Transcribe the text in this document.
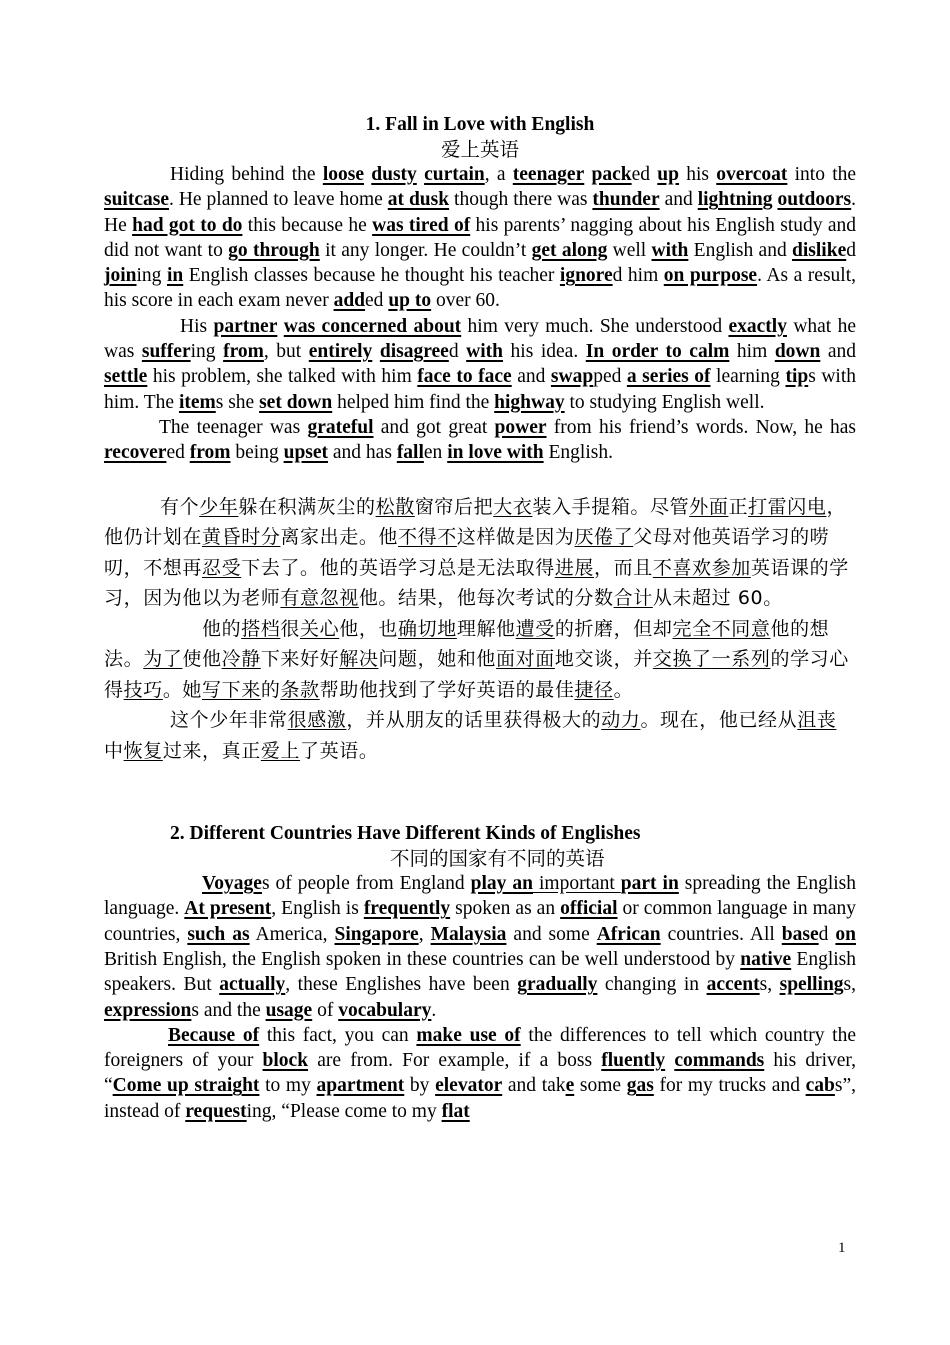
1. Fall in Love with English
爱上英语

Hiding behind the loose dusty curtain, a teenager packed up his overcoat into the suitcase. He planned to leave home at dusk though there was thunder and lightning outdoors. He had got to do this because he was tired of his parents’ nagging about his English study and did not want to go through it any longer. He couldn’t get along well with English and disliked joining in English classes because he thought his teacher ignored him on purpose. As a result, his score in each exam never added up to over 60.

His partner was concerned about him very much. She understood exactly what he was suffering from, but entirely disagreed with his idea. In order to calm him down and settle his problem, she talked with him face to face and swapped a series of learning tips with him. The items she set down helped him find the highway to studying English well.

The teenager was grateful and got great power from his friend’s words. Now, he has recovered from being upset and has fallen in love with English.

有个少年躲在积满灰尘的松散窗帘后把大衣装入手提箱。尽管外面正打雷闪电， 他仍计划在黄昏时分离家出走。他不得不这样做是因为厌倦了父母对他英语学习的唠叨，不想再忍受下去了。他的英语学习总是无法取得进展，而且不喜欢参加英语课的学习，因为他以为老师有意忽视他。结果，他每次考试的分数合计从未超过 60。

他的搭档很关心他，也确切地理解他遭受的折磨，但却完全不同意他的想法。为了使他冷静下来好好解决问题，她和他面对面地交谈，并交换了一系列的学习心得技巧。她写下来的条款帮助他找到了学好英语的最佳捷径。

这个少年非常很感激，并从朋友的话里获得极大的动力。现在，他已经从沮丧中恢复过来，真正爱上了英语。

2. Different Countries Have Different Kinds of Englishes
不同的国家有不同的英语

Voyages of people from England play an important part in spreading the English language. At present, English is frequently spoken as an official or common language in many countries, such as America, Singapore, Malaysia and some African countries. All based on British English, the English spoken in these countries can be well understood by native English speakers. But actually, these Englishes have been gradually changing in accents, spellings, expressions and the usage of vocabulary.

Because of this fact, you can make use of the differences to tell which country the foreigners of your block are from. For example, if a boss fluently commands his driver, “Come up straight to my apartment by elevator and take some gas for my trucks and cabs”, instead of requesting, “Please come to my flat

1
